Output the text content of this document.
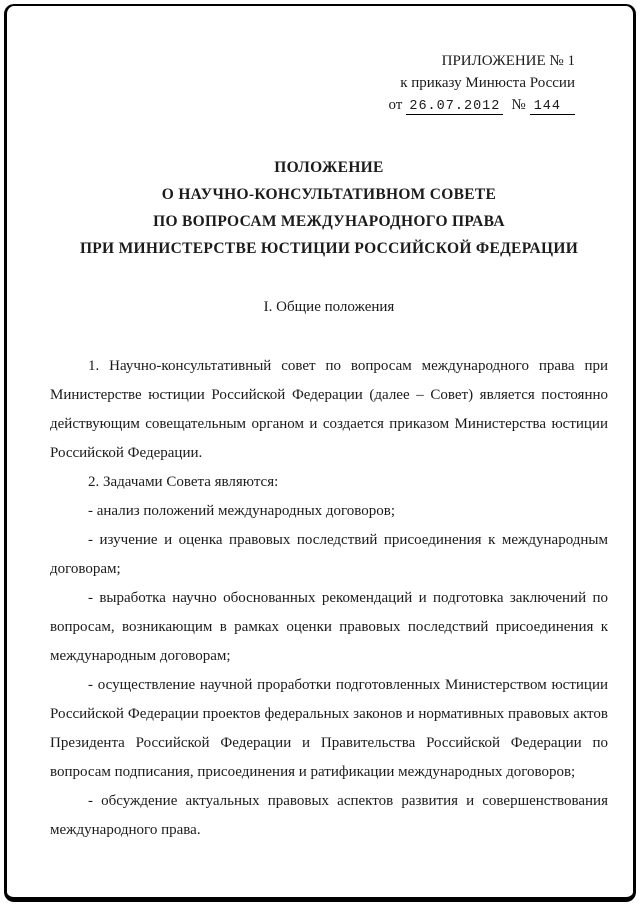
ПРИЛОЖЕНИЕ № 1
к приказу Минюста России
от 26.07.2012 № 144
ПОЛОЖЕНИЕ
О НАУЧНО-КОНСУЛЬТАТИВНОМ СОВЕТЕ
ПО ВОПРОСАМ МЕЖДУНАРОДНОГО ПРАВА
ПРИ МИНИСТЕРСТВЕ ЮСТИЦИИ РОССИЙСКОЙ ФЕДЕРАЦИИ
I. Общие положения

1. Научно-консультативный совет по вопросам международного права при Министерстве юстиции Российской Федерации (далее – Совет) является постоянно действующим совещательным органом и создается приказом Министерства юстиции Российской Федерации.

2. Задачами Совета являются:

- анализ положений международных договоров;

- изучение и оценка правовых последствий присоединения к международным договорам;

- выработка научно обоснованных рекомендаций и подготовка заключений по вопросам, возникающим в рамках оценки правовых последствий присоединения к международным договорам;

- осуществление научной проработки подготовленных Министерством юстиции Российской Федерации проектов федеральных законов и нормативных правовых актов Президента Российской Федерации и Правительства Российской Федерации по вопросам подписания, присоединения и ратификации международных договоров;

- обсуждение актуальных правовых аспектов развития и совершенствования международного права.
